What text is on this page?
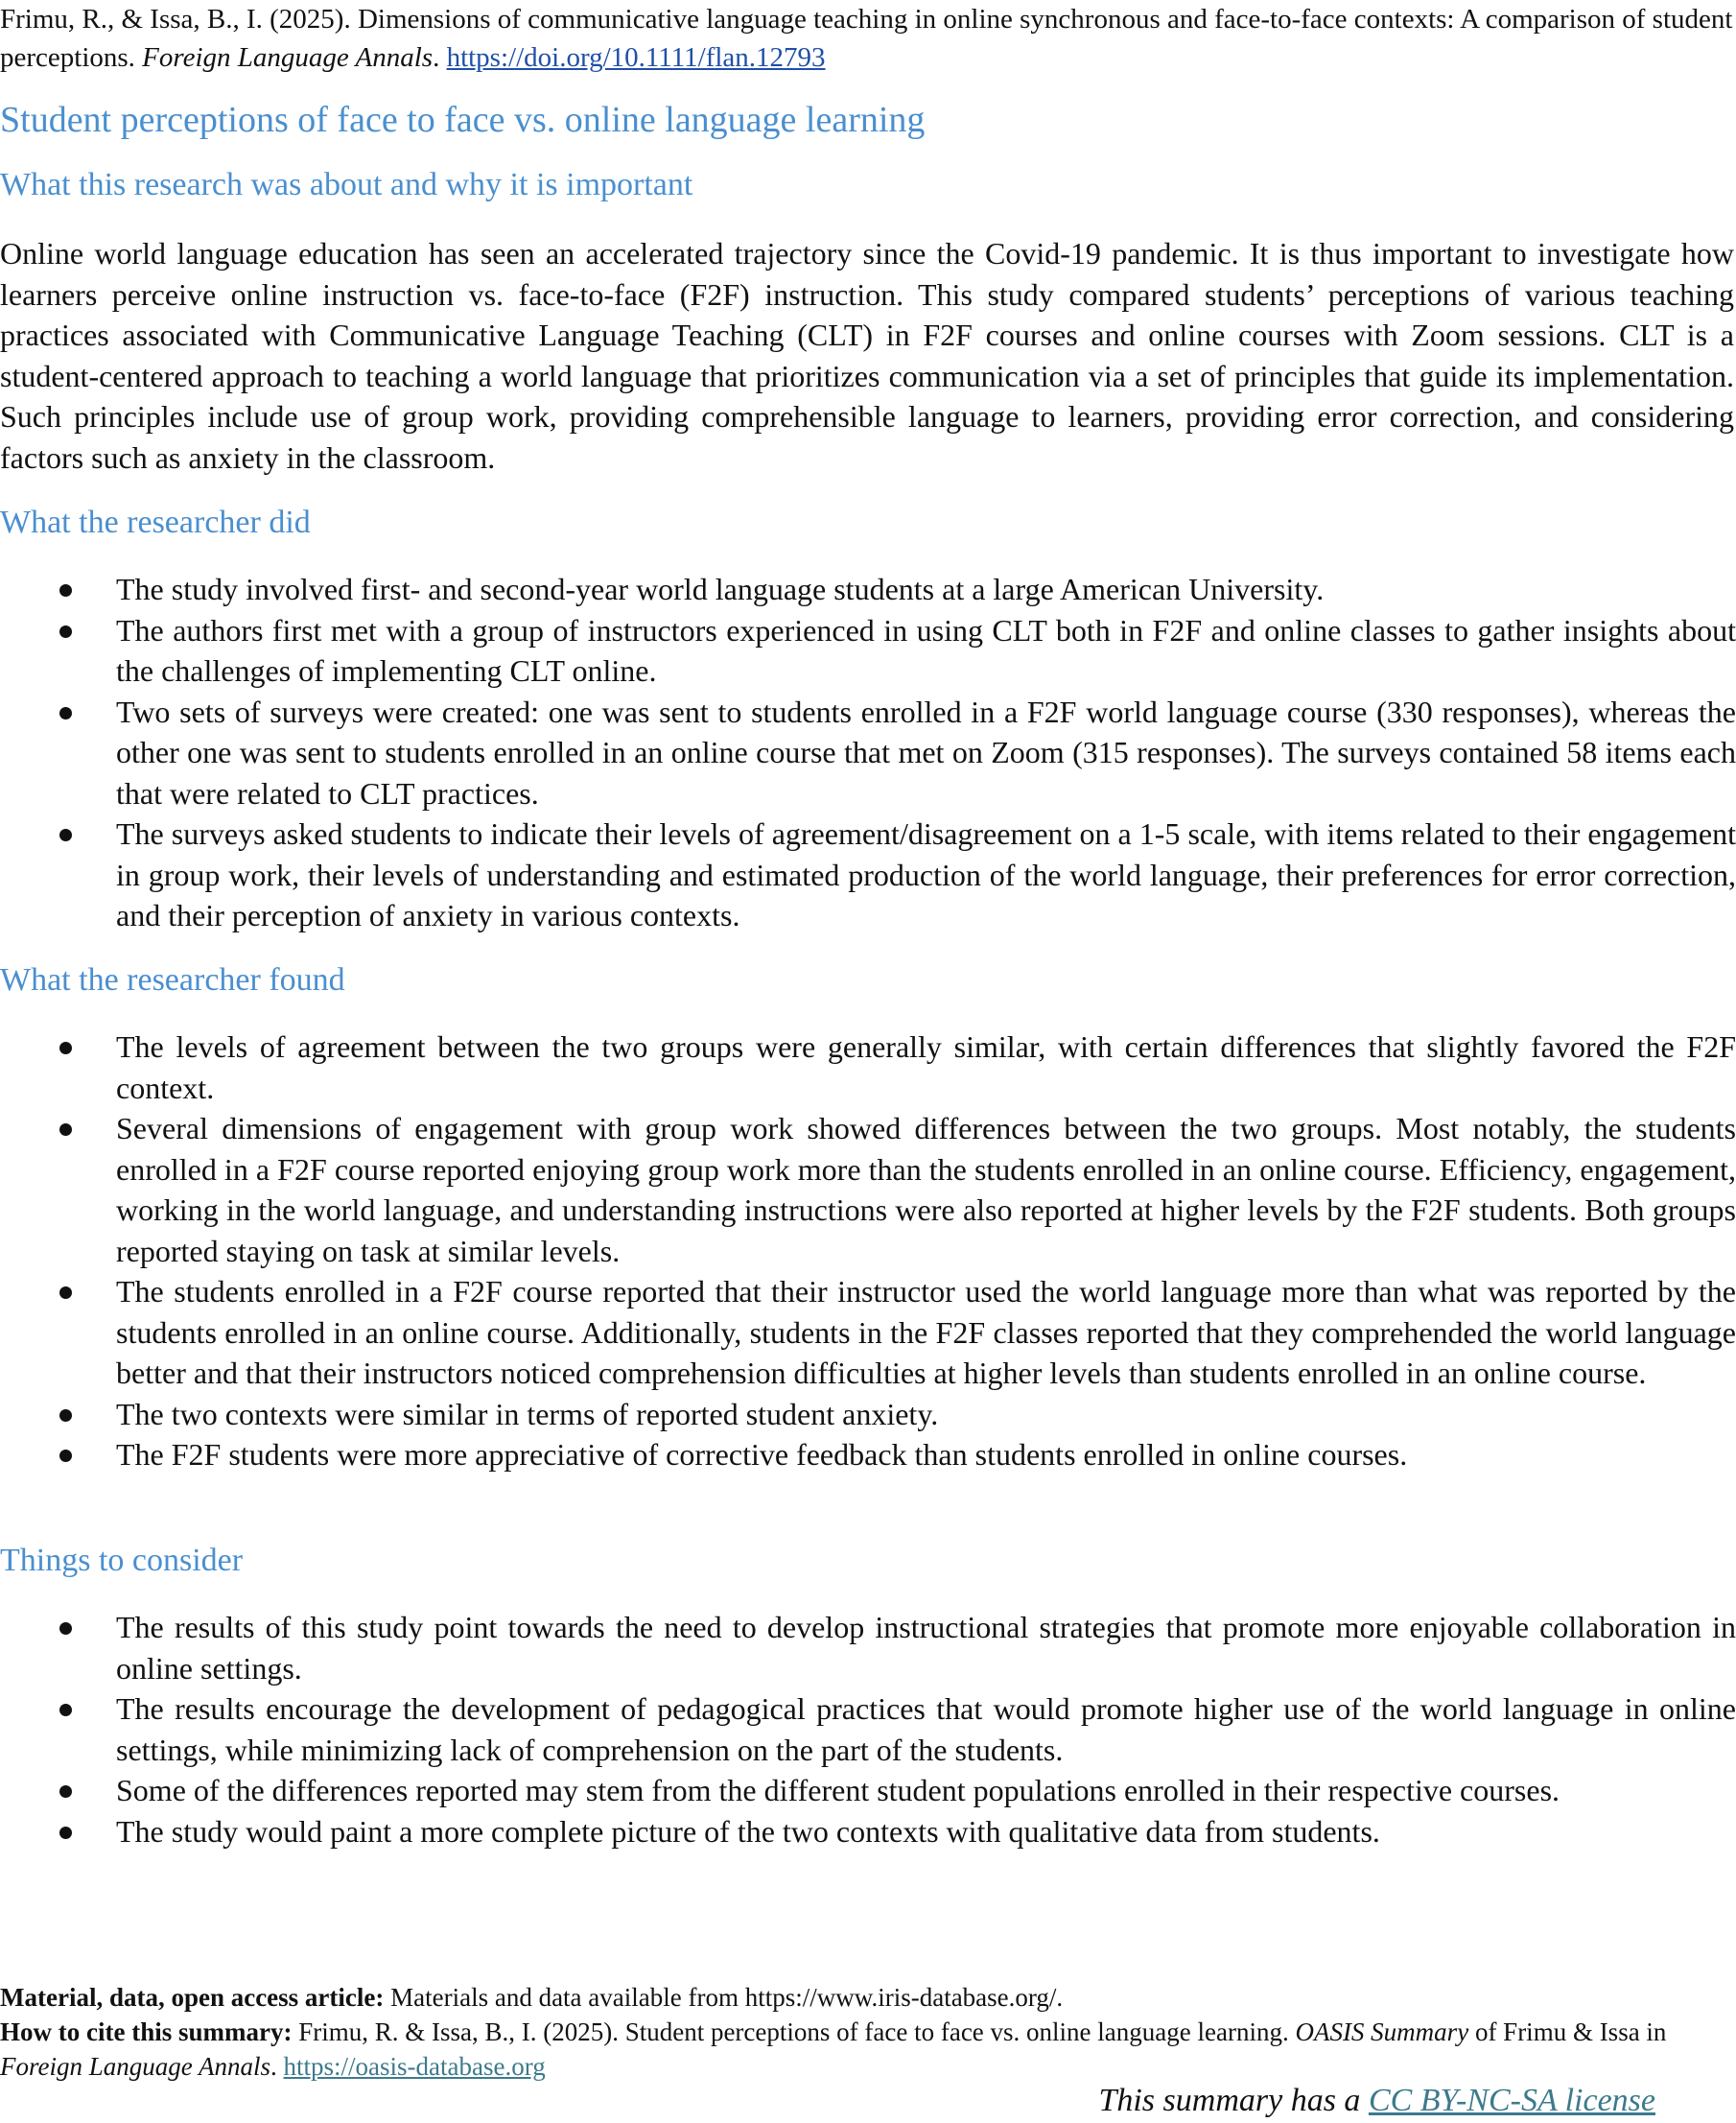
Frimu, R., & Issa, B., I. (2025). Dimensions of communicative language teaching in online synchronous and face-to-face contexts: A comparison of student perceptions. Foreign Language Annals. https://doi.org/10.1111/flan.12793
Student perceptions of face to face vs. online language learning
What this research was about and why it is important

Online world language education has seen an accelerated trajectory since the Covid-19 pandemic. It is thus important to investigate how learners perceive online instruction vs. face-to-face (F2F) instruction. This study compared students’ perceptions of various teaching practices associated with Communicative Language Teaching (CLT) in F2F courses and online courses with Zoom sessions. CLT is a student-centered approach to teaching a world language that prioritizes communication via a set of principles that guide its implementation. Such principles include use of group work, providing comprehensible language to learners, providing error correction, and considering factors such as anxiety in the classroom.

What the researcher did
The study involved first- and second-year world language students at a large American University.
The authors first met with a group of instructors experienced in using CLT both in F2F and online classes to gather insights about the challenges of implementing CLT online.
Two sets of surveys were created: one was sent to students enrolled in a F2F world language course (330 responses), whereas the other one was sent to students enrolled in an online course that met on Zoom (315 responses). The surveys contained 58 items each that were related to CLT practices.
The surveys asked students to indicate their levels of agreement/disagreement on a 1-5 scale, with items related to their engagement in group work, their levels of understanding and estimated production of the world language, their preferences for error correction, and their perception of anxiety in various contexts.
What the researcher found
The levels of agreement between the two groups were generally similar, with certain differences that slightly favored the F2F context.
Several dimensions of engagement with group work showed differences between the two groups. Most notably, the students enrolled in a F2F course reported enjoying group work more than the students enrolled in an online course. Efficiency, engagement, working in the world language, and understanding instructions were also reported at higher levels by the F2F students. Both groups reported staying on task at similar levels.
The students enrolled in a F2F course reported that their instructor used the world language more than what was reported by the students enrolled in an online course. Additionally, students in the F2F classes reported that they comprehended the world language better and that their instructors noticed comprehension difficulties at higher levels than students enrolled in an online course.
The two contexts were similar in terms of reported student anxiety.
The F2F students were more appreciative of corrective feedback than students enrolled in online courses.
Things to consider
The results of this study point towards the need to develop instructional strategies that promote more enjoyable collaboration in online settings.
The results encourage the development of pedagogical practices that would promote higher use of the world language in online settings, while minimizing lack of comprehension on the part of the students.
Some of the differences reported may stem from the different student populations enrolled in their respective courses.
The study would paint a more complete picture of the two contexts with qualitative data from students.
Material, data, open access article: Materials and data available from https://www.iris-database.org/.
How to cite this summary: Frimu, R. & Issa, B., I. (2025). Student perceptions of face to face vs. online language learning. OASIS Summary of Frimu & Issa in Foreign Language Annals. https://oasis-database.org
This summary has a CC BY-NC-SA license
